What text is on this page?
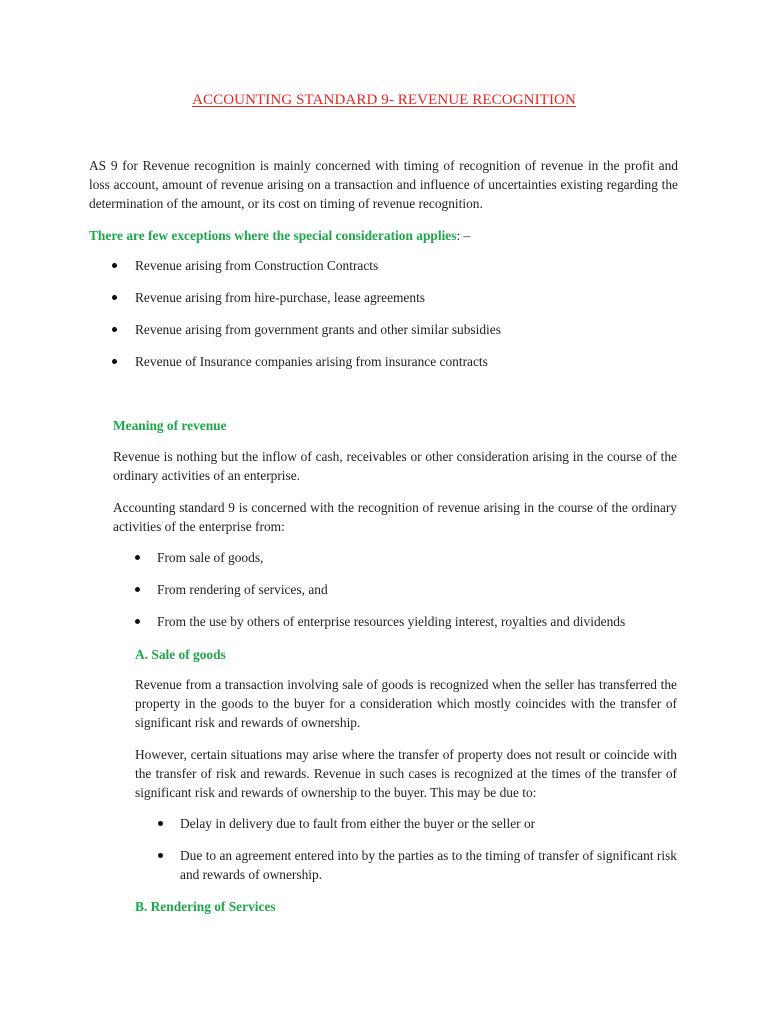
ACCOUNTING STANDARD 9- REVENUE RECOGNITION
AS 9 for Revenue recognition is mainly concerned with timing of recognition of revenue in the profit and loss account, amount of revenue arising on a transaction and influence of uncertainties existing regarding the determination of the amount, or its cost on timing of revenue recognition.
There are few exceptions where the special consideration applies: –
Revenue arising from Construction Contracts
Revenue arising from hire-purchase, lease agreements
Revenue arising from government grants and other similar subsidies
Revenue of Insurance companies arising from insurance contracts
Meaning of revenue
Revenue is nothing but the inflow of cash, receivables or other consideration arising in the course of the ordinary activities of an enterprise.
Accounting standard 9 is concerned with the recognition of revenue arising in the course of the ordinary activities of the enterprise from:
From sale of goods,
From rendering of services, and
From the use by others of enterprise resources yielding interest, royalties and dividends
A. Sale of goods
Revenue from a transaction involving sale of goods is recognized when the seller has transferred the property in the goods to the buyer for a consideration which mostly coincides with the transfer of significant risk and rewards of ownership.
However, certain situations may arise where the transfer of property does not result or coincide with the transfer of risk and rewards. Revenue in such cases is recognized at the times of the transfer of significant risk and rewards of ownership to the buyer. This may be due to:
Delay in delivery due to fault from either the buyer or the seller or
Due to an agreement entered into by the parties as to the timing of transfer of significant risk and rewards of ownership.
B. Rendering of Services
